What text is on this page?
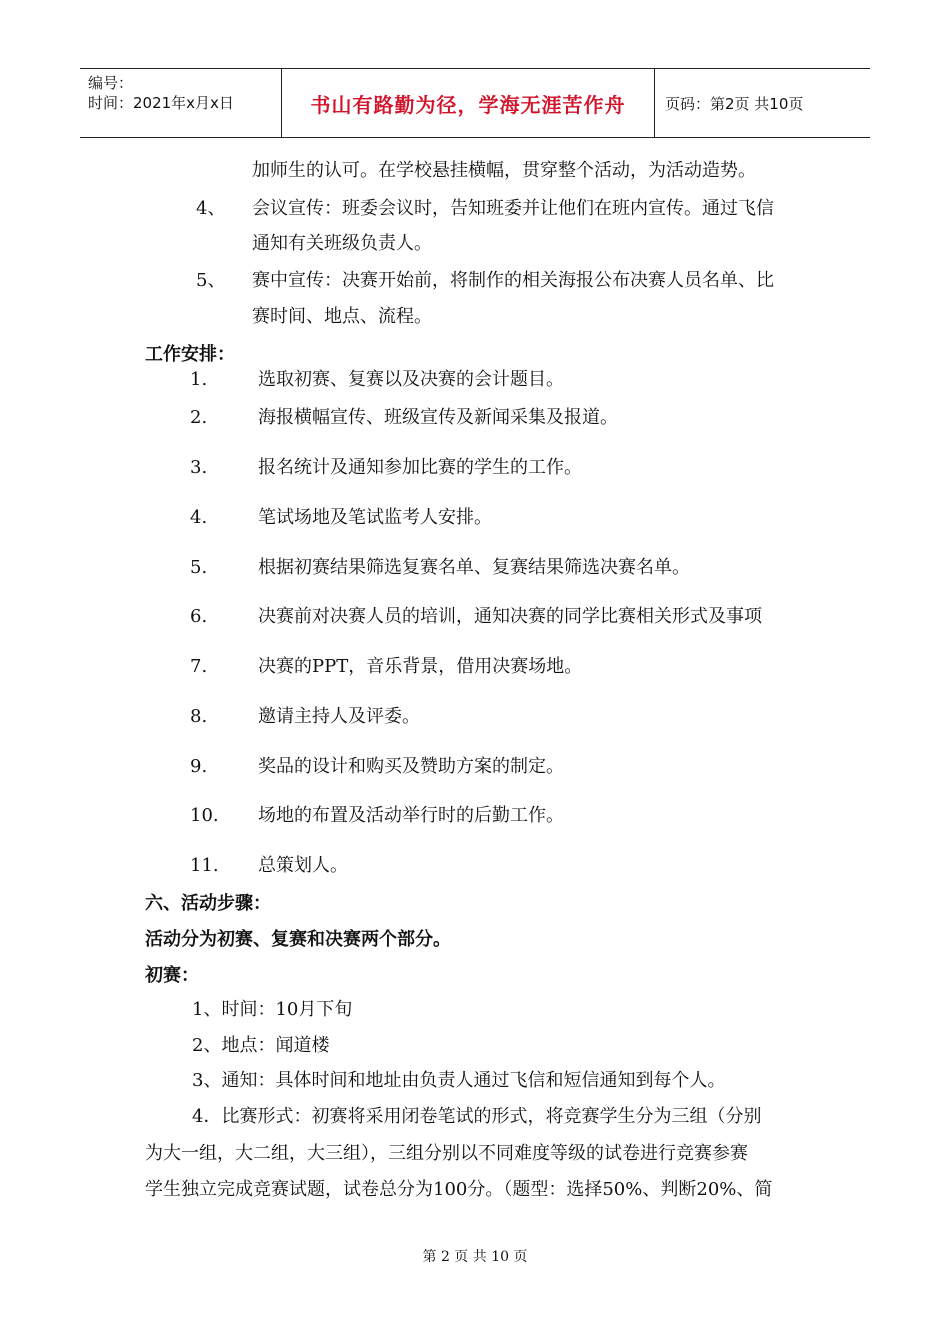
编号：
时间：2021年x月x日	书山有路勤为径，学海无涯苦作舟	页码：第2页 共10页
加师生的认可。在学校悬挂横幅，贯穿整个活动，为活动造势。
4、 会议宣传：班委会议时，告知班委并让他们在班内宣传。通过飞信
通知有关班级负责人。
5、 赛中宣传：决赛开始前，将制作的相关海报公布决赛人员名单、比
赛时间、地点、流程。
工作安排：
1.	选取初赛、复赛以及决赛的会计题目。
2.	海报横幅宣传、班级宣传及新闻采集及报道。
3.	报名统计及通知参加比赛的学生的工作。
4.	笔试场地及笔试监考人安排。
5.	根据初赛结果筛选复赛名单、复赛结果筛选决赛名单。
6.	决赛前对决赛人员的培训，通知决赛的同学比赛相关形式及事项
7.	决赛的PPT，音乐背景，借用决赛场地。
8.	邀请主持人及评委。
9.	奖品的设计和购买及赞助方案的制定。
10. 场地的布置及活动举行时的后勤工作。
11. 总策划人。
六、活动步骤：
活动分为初赛、复赛和决赛两个部分。
初赛：
1、时间：10月下旬
2、地点：闻道楼
3、通知：具体时间和地址由负责人通过飞信和短信通知到每个人。
4．比赛形式：初赛将采用闭卷笔试的形式，将竞赛学生分为三组（分别
为大一组，大二组，大三组），三组分别以不同难度等级的试卷进行竞赛参赛
学生独立完成竞赛试题，试卷总分为100分。（题型：选择50%、判断20%、简
第 2 页 共 10 页
